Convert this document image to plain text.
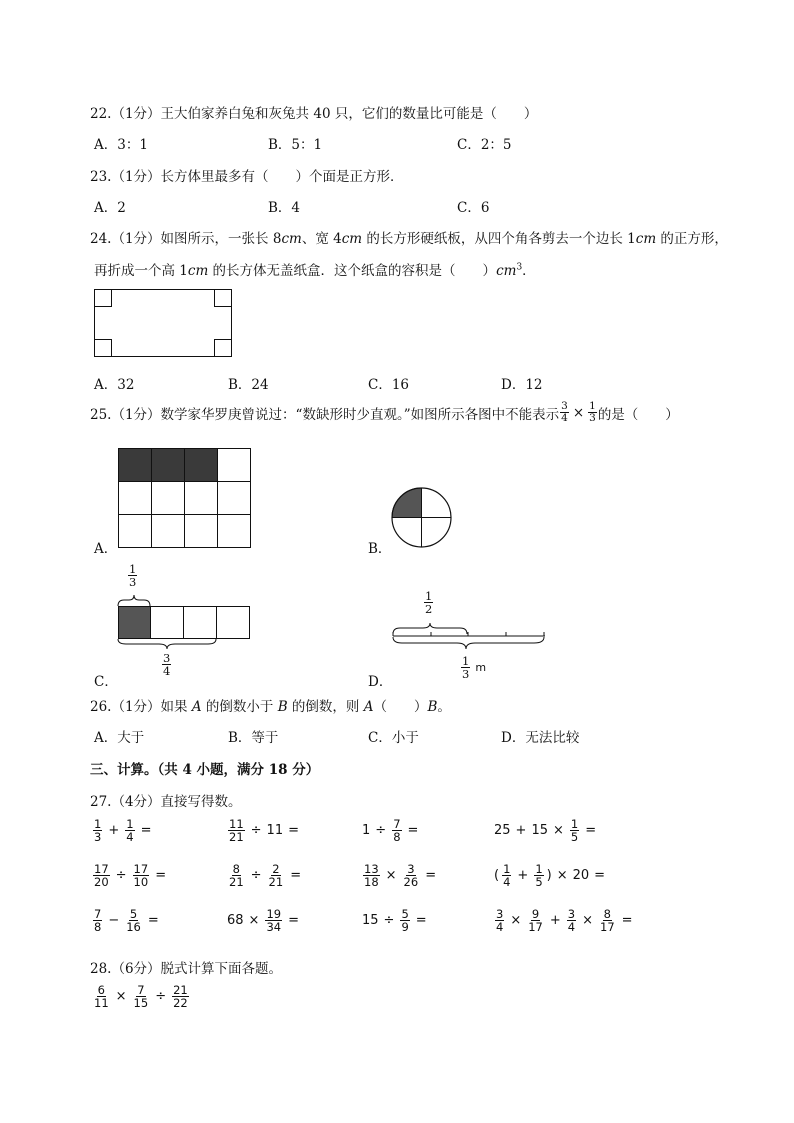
22.（1分）王大伯家养白兔和灰兔共 40 只，它们的数量比可能是（　　）
A．3：1	B．5：1	C．2：5
23.（1分）长方体里最多有（　　）个面是正方形．
A．2	B．4	C．6
24.（1分）如图所示，一张长 8cm、宽 4cm 的长方形硬纸板，从四个角各剪去一个边长 1cm 的正方形，
再折成一个高 1cm 的长方体无盖纸盒．这个纸盒的容积是（　　）$cm^3$．
A．32	B．24	C．16	D．12
25.（1分）数学家华罗庚曾说过：“数缺形时少直观。”如图所示各图中不能表示 $\frac{3}{4} \times \frac{1}{3}$ 的是（　　）
A．	B．
C．
$\frac{1}{3}$
$\frac{3}{4}$
D．
$\frac{1}{2}$
$\frac{1}{3}$ m
26.（1分）如果 A 的倒数小于 B 的倒数，则 A（　　）B。
A．大于	B．等于	C．小于	D．无法比较
三、计算。（共 4 小题，满分 18 分）
27.（4分）直接写得数。
$\frac{1}{3} + \frac{1}{4}$ =	$\frac{11}{21} \div 11$ =	$1 \div \frac{7}{8}$ =	$25 + 15 \times \frac{1}{5}$ =
$\frac{17}{20} \div \frac{17}{10}$ =	$\frac{8}{21} \div \frac{2}{21}$ =	$\frac{13}{18} \times \frac{3}{26}$ =	( $\frac{1}{4} + \frac{1}{5}$ ) × 20 =
$\frac{7}{8} - \frac{5}{16}$ =	$68 \times \frac{19}{34}$ =	$15 \div \frac{5}{9}$ =	$\frac{3}{4} \times \frac{9}{17} + \frac{3}{4} \times \frac{8}{17}$ =
28.（6分）脱式计算下面各题。
$\frac{6}{11} \times \frac{7}{15} \div \frac{21}{22}$
